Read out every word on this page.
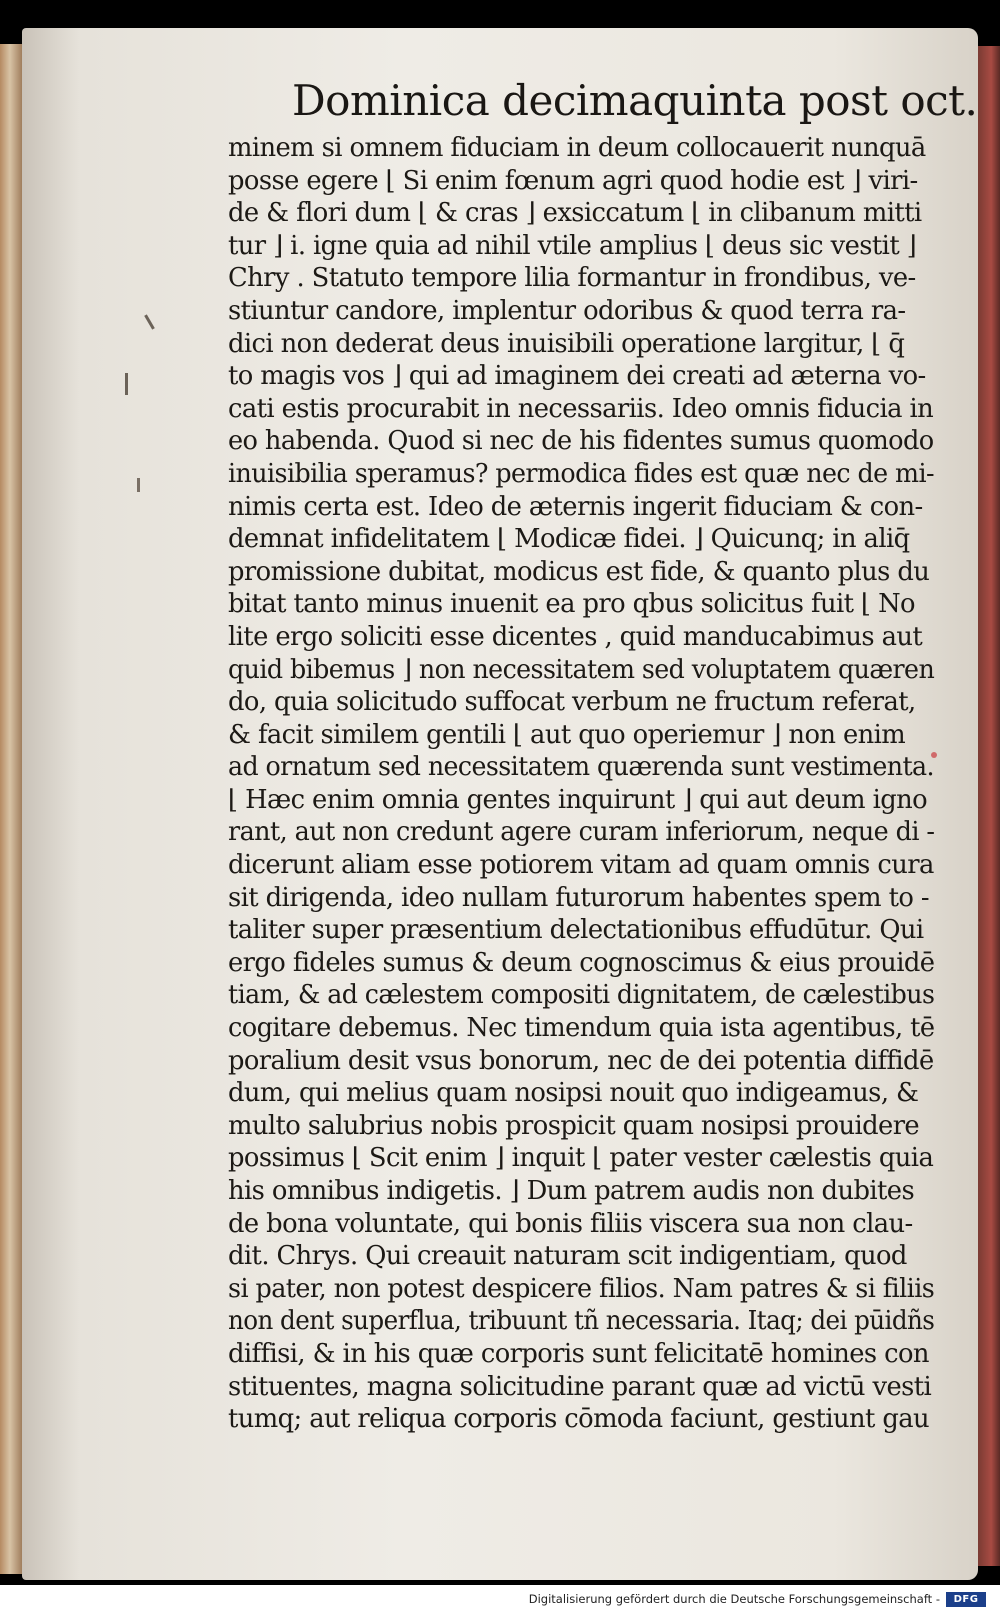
Dominica decimaquinta post oct.
minem si omnem fiduciam in deum collocauerit nunquā
posse egere ⌊ Si enim fœnum agri quod hodie est ⌋ viri-
de & flori dum ⌊ & cras ⌋ exsiccatum ⌊ in clibanum mitti
tur ⌋ i. igne quia ad nihil vtile amplius ⌊ deus sic vestit ⌋
Chry . Statuto tempore lilia formantur in frondibus, ve-
stiuntur candore, implentur odoribus & quod terra ra-
dici non dederat deus inuisibili operatione largitur, ⌊ q̄
to magis vos ⌋ qui ad imaginem dei creati ad æterna vo-
cati estis procurabit in necessariis. Ideo omnis fiducia in
eo habenda. Quod si nec de his fidentes sumus quomodo
inuisibilia speramus? permodica fides est quæ nec de mi-
nimis certa est. Ideo de æternis ingerit fiduciam & con-
demnat infidelitatem ⌊ Modicæ fidei. ⌋ Quicunq; in aliq̄
promissione dubitat, modicus est fide, & quanto plus du
bitat tanto minus inuenit ea pro qbus solicitus fuit ⌊ No
lite ergo soliciti esse dicentes , quid manducabimus aut
quid bibemus ⌋ non necessitatem sed voluptatem quæren
do, quia solicitudo suffocat verbum ne fructum referat,
& facit similem gentili ⌊ aut quo operiemur ⌋ non enim
ad ornatum sed necessitatem quærenda sunt vestimenta.
⌊ Hæc enim omnia gentes inquirunt ⌋ qui aut deum igno
rant, aut non credunt agere curam inferiorum, neque di -
dicerunt aliam esse potiorem vitam ad quam omnis cura
sit dirigenda, ideo nullam futurorum habentes spem to -
taliter super præsentium delectationibus effudūtur. Qui
ergo fideles sumus & deum cognoscimus & eius prouidē
tiam, & ad cælestem compositi dignitatem, de cælestibus
cogitare debemus. Nec timendum quia ista agentibus, tē
poralium desit vsus bonorum, nec de dei potentia diffidē
dum, qui melius quam nosipsi nouit quo indigeamus, &
multo salubrius nobis prospicit quam nosipsi prouidere
possimus ⌊ Scit enim ⌋ inquit ⌊ pater vester cælestis quia
his omnibus indigetis. ⌋ Dum patrem audis non dubites
de bona voluntate, qui bonis filiis viscera sua non clau-
dit. Chrys. Qui creauit naturam scit indigentiam, quod
si pater, non potest despicere filios. Nam patres & si filiis
non dent superflua, tribuunt tñ necessaria. Itaq; dei pūidñs
diffisi, & in his quæ corporis sunt felicitatē homines con
stituentes, magna solicitudine parant quæ ad victū vesti
tumq; aut reliqua corporis cōmoda faciunt, gestiunt gau
Digitalisierung gefördert durch die Deutsche Forschungsgemeinschaft -	DFG
